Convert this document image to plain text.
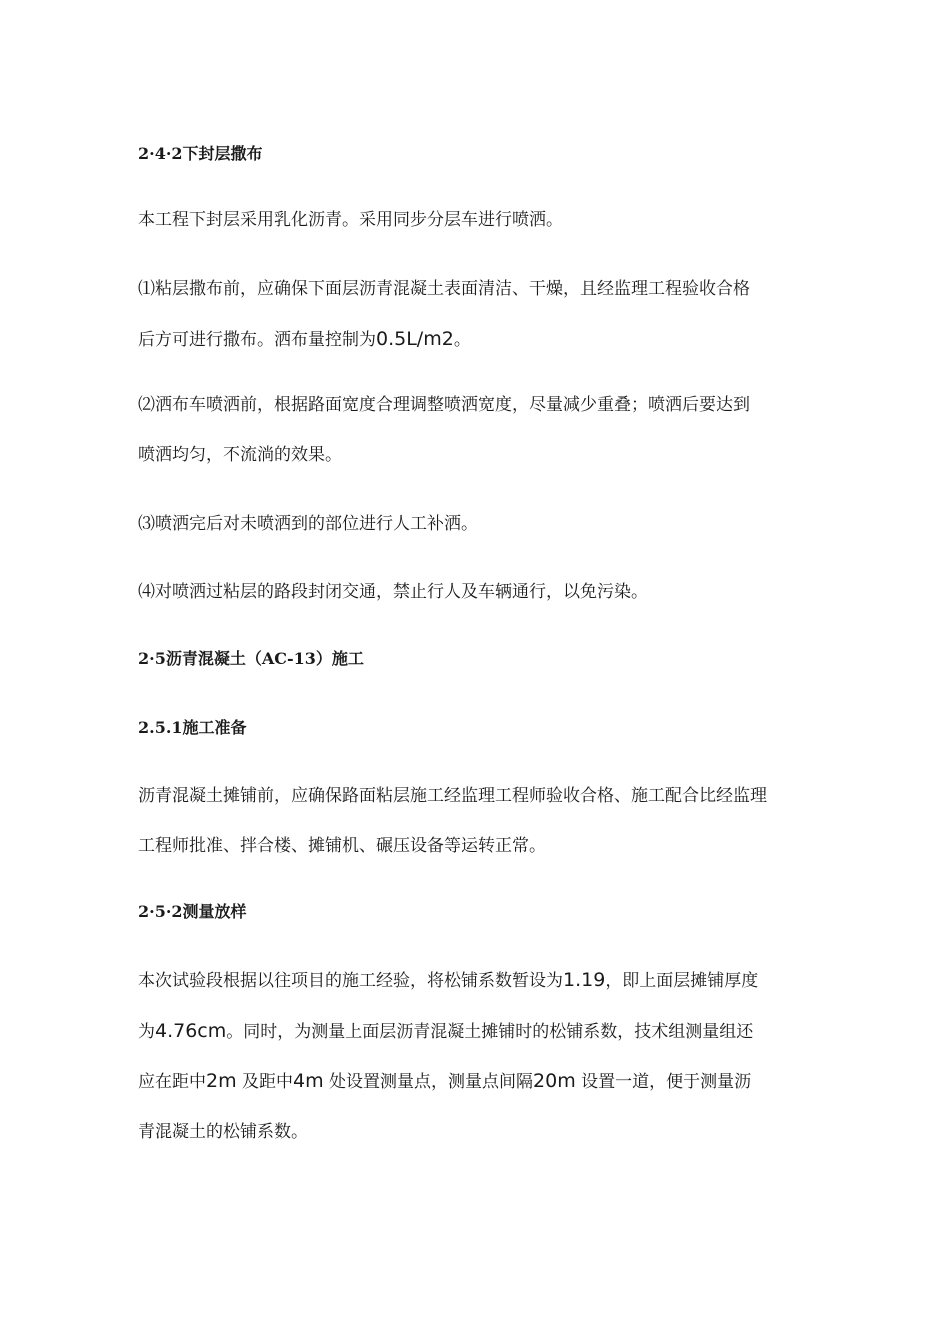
2·4·2下封层撒布
本工程下封层采用乳化沥青。采用同步分层车进行喷洒。
⑴粘层撒布前，应确保下面层沥青混凝土表面清洁、干燥，且经监理工程验收合格
后方可进行撒布。洒布量控制为0.5L/m2。
⑵洒布车喷洒前，根据路面宽度合理调整喷洒宽度，尽量减少重叠；喷洒后要达到
喷洒均匀，不流淌的效果。
⑶喷洒完后对未喷洒到的部位进行人工补洒。
⑷对喷洒过粘层的路段封闭交通，禁止行人及车辆通行，以免污染。
2·5沥青混凝土（AC-13）施工
2.5.1施工准备
沥青混凝土摊铺前，应确保路面粘层施工经监理工程师验收合格、施工配合比经监理
工程师批准、拌合楼、摊铺机、碾压设备等运转正常。
2·5·2测量放样
本次试验段根据以往项目的施工经验，将松铺系数暂设为1.19，即上面层摊铺厚度
为4.76cm。同时，为测量上面层沥青混凝土摊铺时的松铺系数，技术组测量组还
应在距中2m 及距中4m 处设置测量点，测量点间隔20m 设置一道，便于测量沥
青混凝土的松铺系数。
